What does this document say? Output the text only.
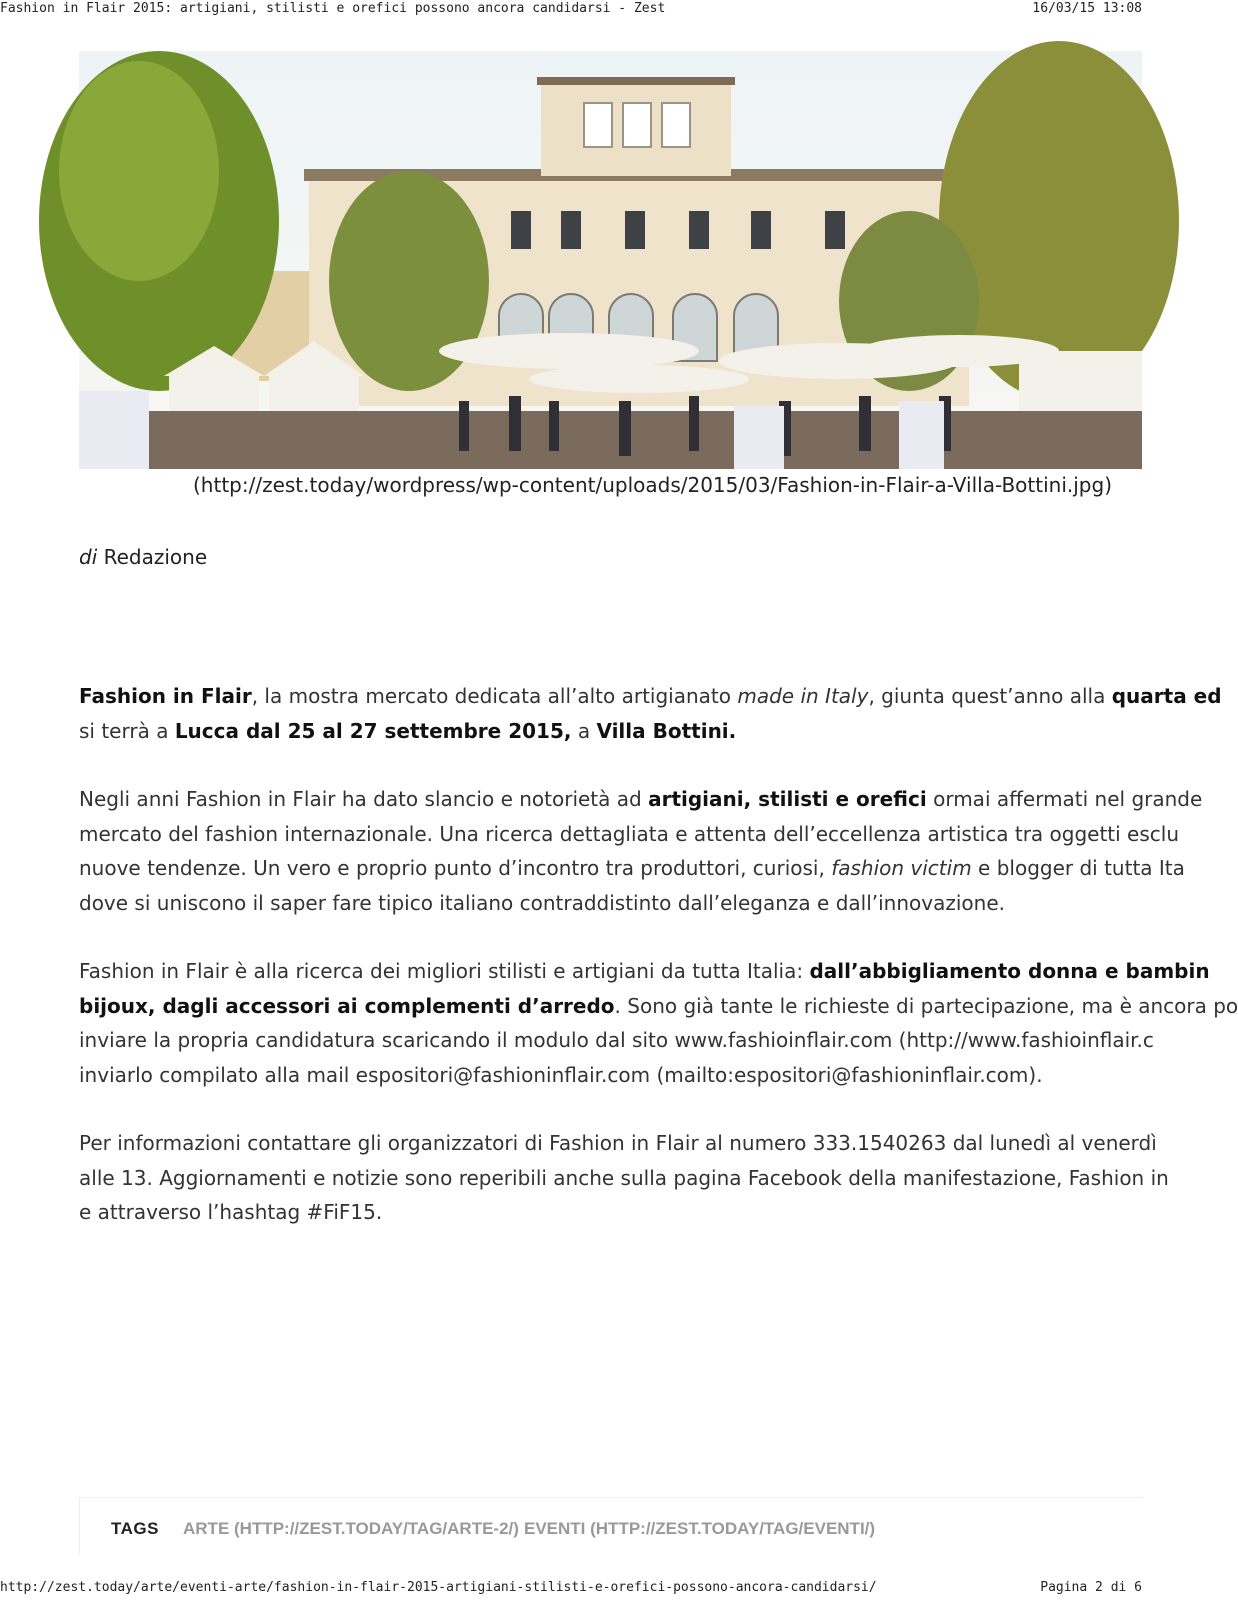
Fashion in Flair 2015: artigiani, stilisti e orefici possono ancora candidarsi - Zest	16/03/15 13:08
(http://zest.today/wordpress/wp-content/uploads/2015/03/Fashion-in-Flair-a-Villa-Bottini.jpg)
di Redazione

Fashion in Flair, la mostra mercato dedicata all’alto artigianato made in Italy, giunta quest’anno alla quarta ed
si terrà a Lucca dal 25 al 27 settembre 2015, a Villa Bottini.

Negli anni Fashion in Flair ha dato slancio e notorietà ad artigiani, stilisti e orefici ormai affermati nel grande
mercato del fashion internazionale. Una ricerca dettagliata e attenta dell’eccellenza artistica tra oggetti esclu
nuove tendenze. Un vero e proprio punto d’incontro tra produttori, curiosi, fashion victim e blogger di tutta Ita
dove si uniscono il saper fare tipico italiano contraddistinto dall’eleganza e dall’innovazione.

Fashion in Flair è alla ricerca dei migliori stilisti e artigiani da tutta Italia: dall’abbigliamento donna e bambin
bijoux, dagli accessori ai complementi d’arredo. Sono già tante le richieste di partecipazione, ma è ancora po
inviare la propria candidatura scaricando il modulo dal sito www.fashioinflair.com (http://www.fashioinflair.c
inviarlo compilato alla mail espositori@fashioninflair.com (mailto:espositori@fashioninflair.com).

Per informazioni contattare gli organizzatori di Fashion in Flair al numero 333.1540263 dal lunedì al venerdì
alle 13. Aggiornamenti e notizie sono reperibili anche sulla pagina Facebook della manifestazione, Fashion in
e attraverso l’hashtag #FiF15.

TAGS ARTE (HTTP://ZEST.TODAY/TAG/ARTE-2/) EVENTI (HTTP://ZEST.TODAY/TAG/EVENTI/)
http://zest.today/arte/eventi-arte/fashion-in-flair-2015-artigiani-stilisti-e-orefici-possono-ancora-candidarsi/	Pagina 2 di 6
